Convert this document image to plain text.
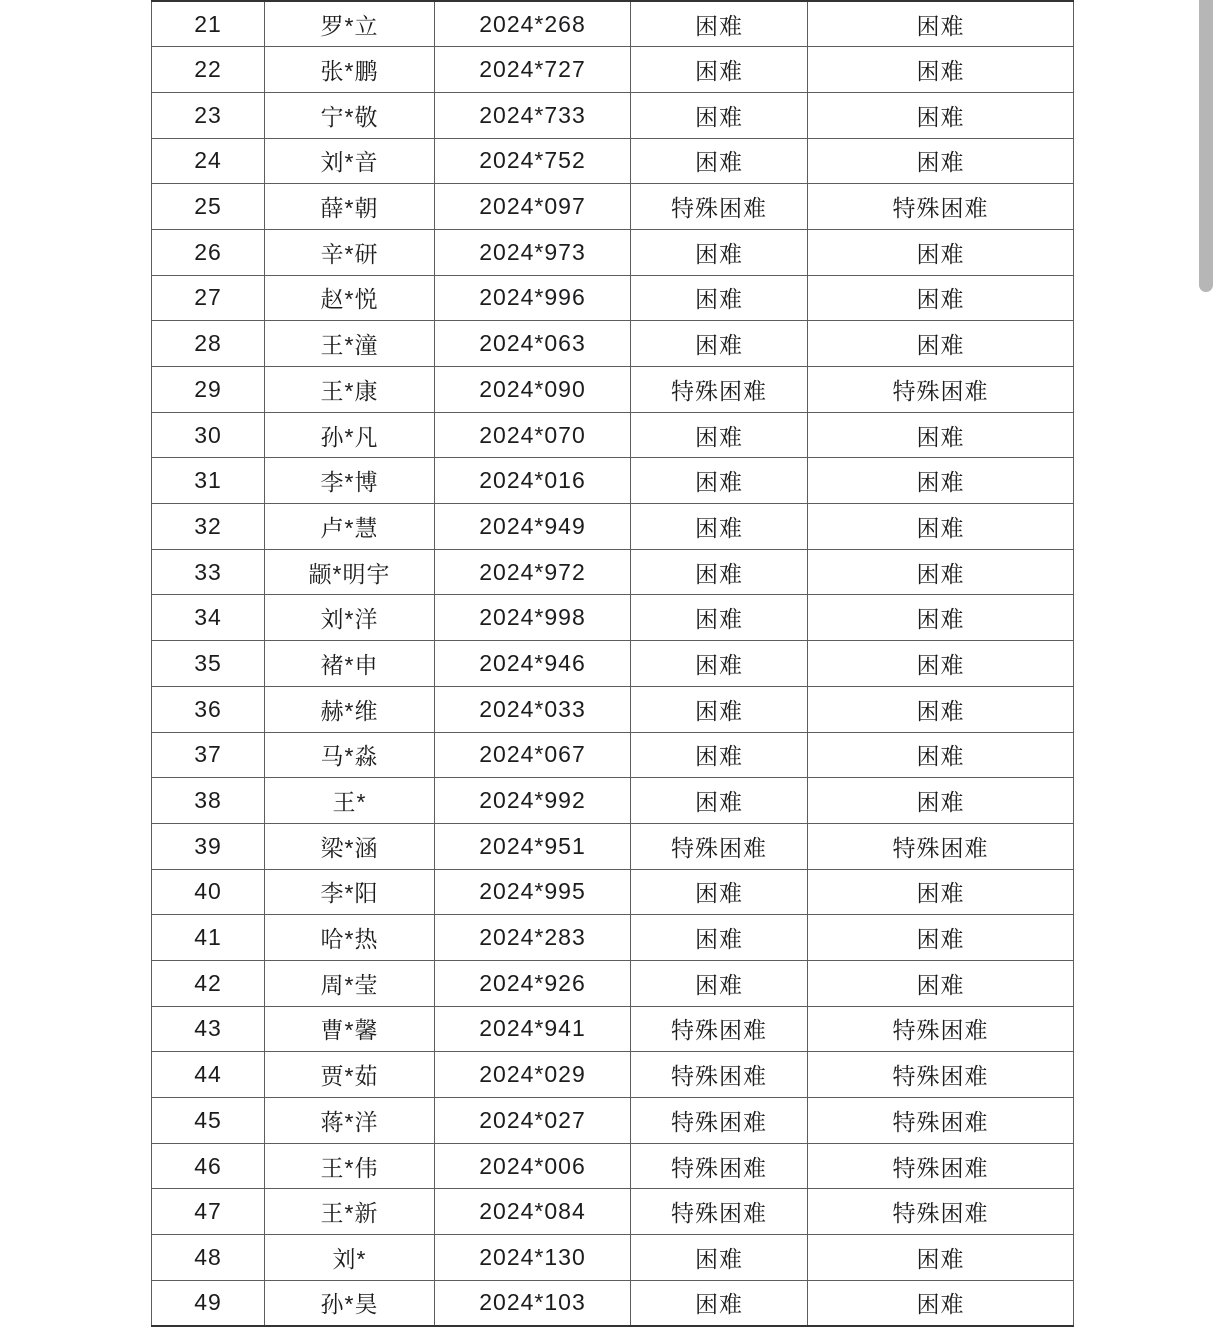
21	罗*立	2024*268	困难	困难
22	张*鹏	2024*727	困难	困难
23	宁*敬	2024*733	困难	困难
24	刘*音	2024*752	困难	困难
25	薛*朝	2024*097	特殊困难	特殊困难
26	辛*研	2024*973	困难	困难
27	赵*悦	2024*996	困难	困难
28	王*潼	2024*063	困难	困难
29	王*康	2024*090	特殊困难	特殊困难
30	孙*凡	2024*070	困难	困难
31	李*博	2024*016	困难	困难
32	卢*慧	2024*949	困难	困难
33	颛*明宇	2024*972	困难	困难
34	刘*洋	2024*998	困难	困难
35	褚*申	2024*946	困难	困难
36	赫*维	2024*033	困难	困难
37	马*淼	2024*067	困难	困难
38	王*	2024*992	困难	困难
39	梁*涵	2024*951	特殊困难	特殊困难
40	李*阳	2024*995	困难	困难
41	哈*热	2024*283	困难	困难
42	周*莹	2024*926	困难	困难
43	曹*馨	2024*941	特殊困难	特殊困难
44	贾*茹	2024*029	特殊困难	特殊困难
45	蒋*洋	2024*027	特殊困难	特殊困难
46	王*伟	2024*006	特殊困难	特殊困难
47	王*新	2024*084	特殊困难	特殊困难
48	刘*	2024*130	困难	困难
49	孙*昊	2024*103	困难	困难
